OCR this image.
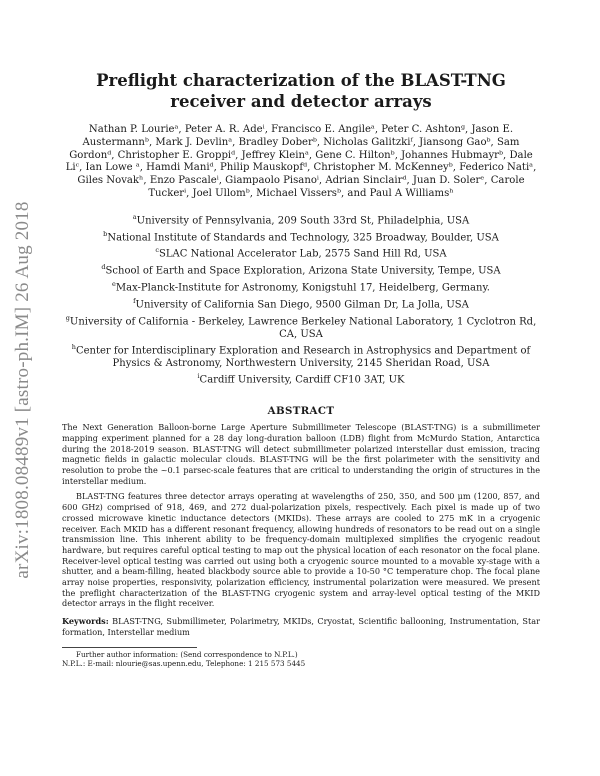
arXiv:1808.08489v1 [astro-ph.IM] 26 Aug 2018
Preflight characterization of the BLAST-TNG receiver and detector arrays
Nathan P. Lourieᵃ, Peter A. R. Adeⁱ, Francisco E. Angileᵃ, Peter C. Ashtonᵍ, Jason E. Austermannᵇ, Mark J. Devlinᵃ, Bradley Doberᵇ, Nicholas Galitzkiᶠ, Jiansong Gaoᵇ, Sam Gordonᵈ, Christopher E. Groppiᵈ, Jeffrey Kleinᵃ, Gene C. Hiltonᵇ, Johannes Hubmayrᵇ, Dale Liᶜ, Ian Lowe ᵃ, Hamdi Maniᵈ, Philip Mauskopfᵈ, Christopher M. McKenneyᵇ, Federico Natiᵃ, Giles Novakʰ, Enzo Pascaleⁱ, Giampaolo Pisanoⁱ, Adrian Sinclairᵈ, Juan D. Solerᵉ, Carole Tuckerⁱ, Joel Ullomᵇ, Michael Vissersᵇ, and Paul A Williamsʰ
$^a$University of Pennsylvania, 209 South 33rd St, Philadelphia, USA
$^b$National Institute of Standards and Technology, 325 Broadway, Boulder, USA
$^c$SLAC National Accelerator Lab, 2575 Sand Hill Rd, USA
$^d$School of Earth and Space Exploration, Arizona State University, Tempe, USA
$^e$Max-Planck-Institute for Astronomy, Konigstuhl 17, Heidelberg, Germany.
$^f$University of California San Diego, 9500 Gilman Dr, La Jolla, USA
$^g$University of California - Berkeley, Lawrence Berkeley National Laboratory, 1 Cyclotron Rd, CA, USA
$^h$Center for Interdisciplinary Exploration and Research in Astrophysics and Department of Physics & Astronomy, Northwestern University, 2145 Sheridan Road, USA
$^i$Cardiff University, Cardiff CF10 3AT, UK
ABSTRACT

The Next Generation Balloon-borne Large Aperture Submillimeter Telescope (BLAST-TNG) is a submillimeter mapping experiment planned for a 28 day long-duration balloon (LDB) flight from McMurdo Station, Antarctica during the 2018-2019 season. BLAST-TNG will detect submillimeter polarized interstellar dust emission, tracing magnetic fields in galactic molecular clouds. BLAST-TNG will be the first polarimeter with the sensitivity and resolution to probe the ~0.1 parsec-scale features that are critical to understanding the origin of structures in the interstellar medium.

BLAST-TNG features three detector arrays operating at wavelengths of 250, 350, and 500 μm (1200, 857, and 600 GHz) comprised of 918, 469, and 272 dual-polarization pixels, respectively. Each pixel is made up of two crossed microwave kinetic inductance detectors (MKIDs). These arrays are cooled to 275 mK in a cryogenic receiver. Each MKID has a different resonant frequency, allowing hundreds of resonators to be read out on a single transmission line. This inherent ability to be frequency-domain multiplexed simplifies the cryogenic readout hardware, but requires careful optical testing to map out the physical location of each resonator on the focal plane. Receiver-level optical testing was carried out using both a cryogenic source mounted to a movable xy-stage with a shutter, and a beam-filling, heated blackbody source able to provide a 10-50 °C temperature chop. The focal plane array noise properties, responsivity, polarization efficiency, instrumental polarization were measured. We present the preflight characterization of the BLAST-TNG cryogenic system and array-level optical testing of the MKID detector arrays in the flight receiver.

Keywords: BLAST-TNG, Submillimeter, Polarimetry, MKIDs, Cryostat, Scientific ballooning, Instrumentation, Star formation, Interstellar medium
Further author information: (Send correspondence to N.P.L.)
N.P.L.: E-mail: nlourie@sas.upenn.edu, Telephone: 1 215 573 5445
